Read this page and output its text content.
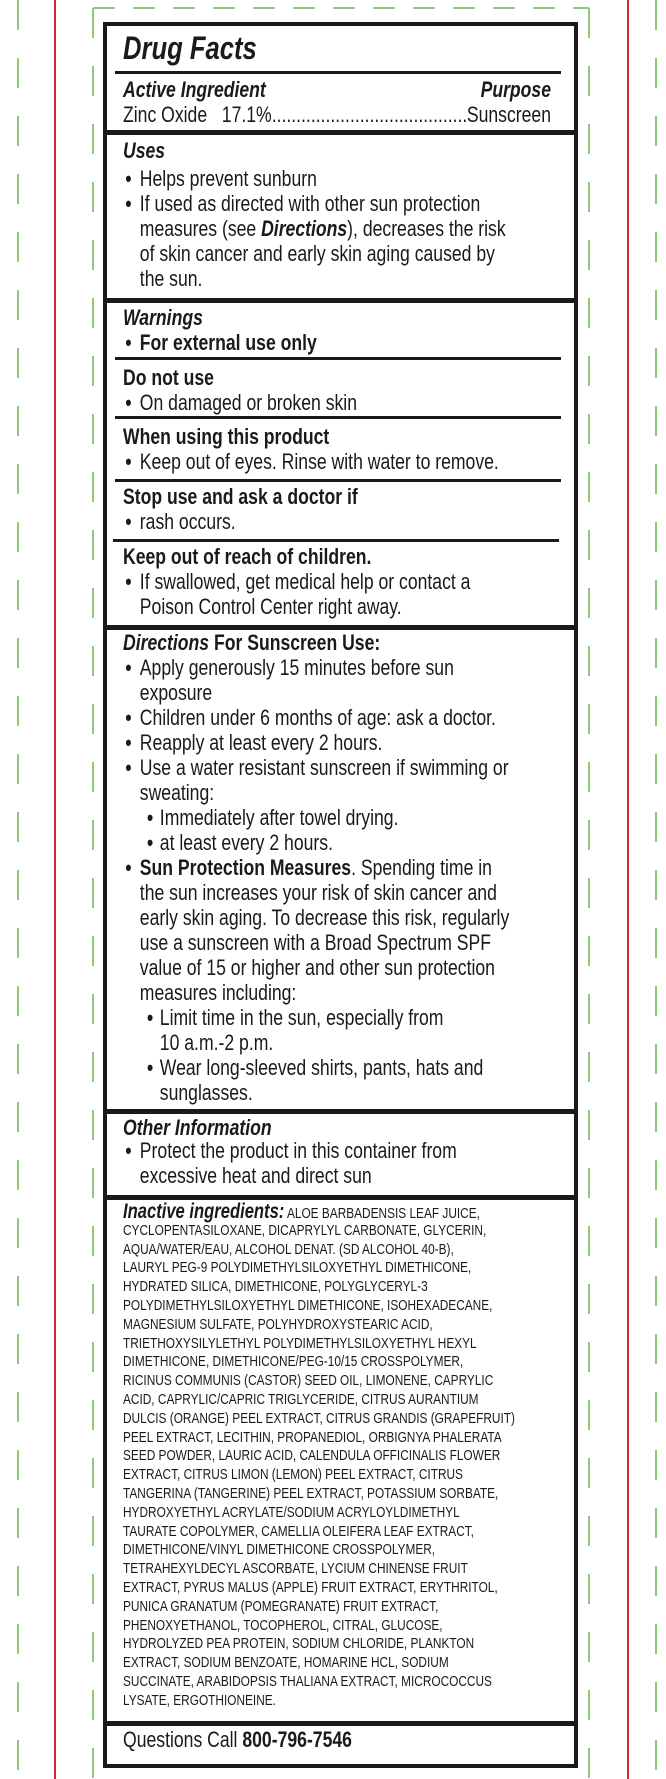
Drug Facts
Active Ingredient	Purpose
Zinc Oxide   17.1% .....	Sunscreen
Uses
• Helps prevent sunburn
• If used as directed with other sun protection
measures (see Directions), decreases the risk
of skin cancer and early skin aging caused by
the sun.
Warnings
• For external use only
Do not use
• On damaged or broken skin
When using this product
• Keep out of eyes. Rinse with water to remove.
Stop use and ask a doctor if
• rash occurs.
Keep out of reach of children.
• If swallowed, get medical help or contact a
Poison Control Center right away.
Directions For Sunscreen Use:
• Apply generously 15 minutes before sun
exposure
• Children under 6 months of age: ask a doctor.
• Reapply at least every 2 hours.
• Use a water resistant sunscreen if swimming or
sweating:
• Immediately after towel drying.
• at least every 2 hours.
• Sun Protection Measures. Spending time in
the sun increases your risk of skin cancer and
early skin aging. To decrease this risk, regularly
use a sunscreen with a Broad Spectrum SPF
value of 15 or higher and other sun protection
measures including:
• Limit time in the sun, especially from
10 a.m.-2 p.m.
• Wear long-sleeved shirts, pants, hats and
sunglasses.
Other Information
• Protect the product in this container from
excessive heat and direct sun
Inactive ingredients: ALOE BARBADENSIS LEAF JUICE,
CYCLOPENTASILOXANE, DICAPRYLYL CARBONATE, GLYCERIN,
AQUA/WATER/EAU, ALCOHOL DENAT. (SD ALCOHOL 40-B),
LAURYL PEG-9 POLYDIMETHYLSILOXYETHYL DIMETHICONE,
HYDRATED SILICA, DIMETHICONE, POLYGLYCERYL-3
POLYDIMETHYLSILOXYETHYL DIMETHICONE, ISOHEXADECANE,
MAGNESIUM SULFATE, POLYHYDROXYSTEARIC ACID,
TRIETHOXYSILYLETHYL POLYDIMETHYLSILOXYETHYL HEXYL
DIMETHICONE, DIMETHICONE/PEG-10/15 CROSSPOLYMER,
RICINUS COMMUNIS (CASTOR) SEED OIL, LIMONENE, CAPRYLIC
ACID, CAPRYLIC/CAPRIC TRIGLYCERIDE, CITRUS AURANTIUM
DULCIS (ORANGE) PEEL EXTRACT, CITRUS GRANDIS (GRAPEFRUIT)
PEEL EXTRACT, LECITHIN, PROPANEDIOL, ORBIGNYA PHALERATA
SEED POWDER, LAURIC ACID, CALENDULA OFFICINALIS FLOWER
EXTRACT, CITRUS LIMON (LEMON) PEEL EXTRACT, CITRUS
TANGERINA (TANGERINE) PEEL EXTRACT, POTASSIUM SORBATE,
HYDROXYETHYL ACRYLATE/SODIUM ACRYLOYLDIMETHYL
TAURATE COPOLYMER, CAMELLIA OLEIFERA LEAF EXTRACT,
DIMETHICONE/VINYL DIMETHICONE CROSSPOLYMER,
TETRAHEXYLDECYL ASCORBATE, LYCIUM CHINENSE FRUIT
EXTRACT, PYRUS MALUS (APPLE) FRUIT EXTRACT, ERYTHRITOL,
PUNICA GRANATUM (POMEGRANATE) FRUIT EXTRACT,
PHENOXYETHANOL, TOCOPHEROL, CITRAL, GLUCOSE,
HYDROLYZED PEA PROTEIN, SODIUM CHLORIDE, PLANKTON
EXTRACT, SODIUM BENZOATE, HOMARINE HCL, SODIUM
SUCCINATE, ARABIDOPSIS THALIANA EXTRACT, MICROCOCCUS
LYSATE, ERGOTHIONEINE.
Questions Call 800-796-7546
